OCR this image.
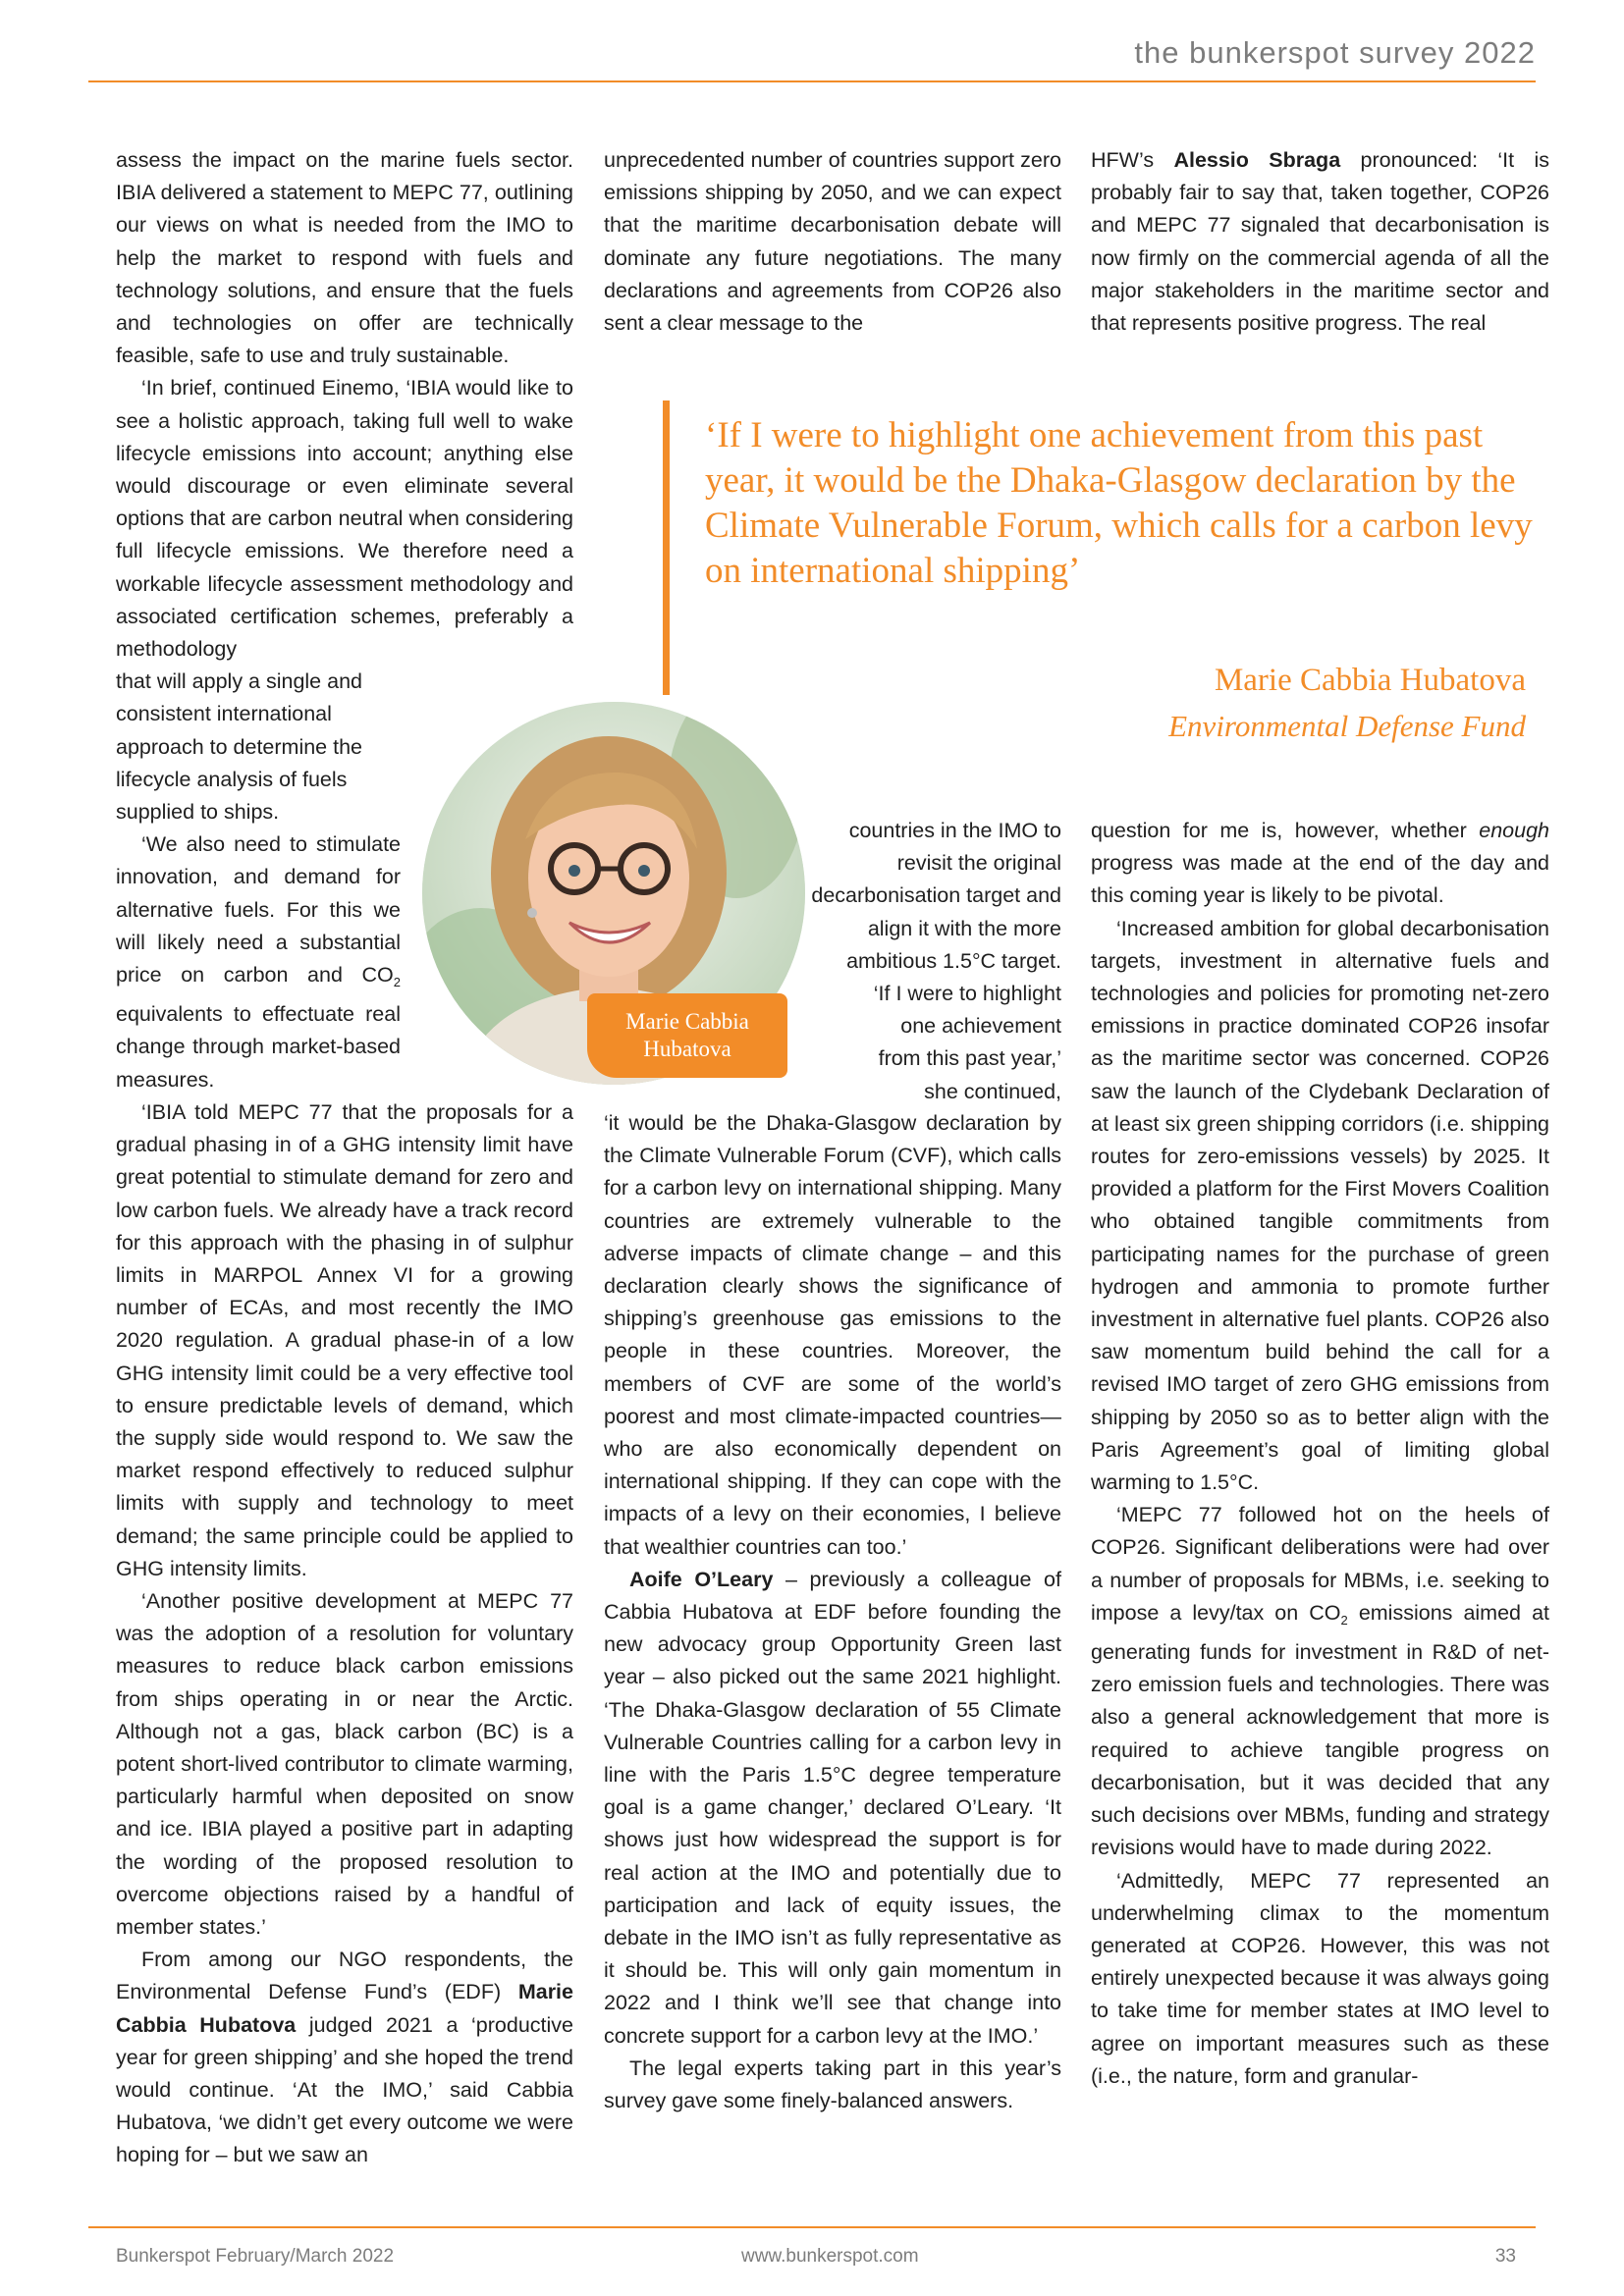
the bunkerspot survey 2022

assess the impact on the marine fuels sector. IBIA delivered a statement to MEPC 77, outlining our views on what is needed from the IMO to help the market to respond with fuels and technology solutions, and ensure that the fuels and technologies on offer are technically feasible, safe to use and truly sustainable.

‘In brief, continued Einemo, ‘IBIA would like to see a holistic approach, taking full well to wake lifecycle emissions into account; anything else would discourage or even eliminate several options that are carbon neutral when considering full lifecycle emissions. We therefore need a workable lifecycle assessment methodology and associated certification schemes, preferably a methodology

that will apply a single and consistent international approach to determine the lifecycle analysis of fuels supplied to ships.

‘We also need to stimulate innovation, and demand for alternative fuels. For this we will likely need a substantial price on carbon and $CO_2$ equivalents to effectuate real change through market-based measures.

‘IBIA told MEPC 77 that the proposals for a gradual phasing in of a GHG intensity limit have great potential to stimulate demand for zero and low carbon fuels. We already have a track record for this approach with the phasing in of sulphur limits in MARPOL Annex VI for a growing number of ECAs, and most recently the IMO 2020 regulation. A gradual phase-in of a low GHG intensity limit could be a very effective tool to ensure predictable levels of demand, which the supply side would respond to. We saw the market respond effectively to reduced sulphur limits with supply and technology to meet demand; the same principle could be applied to GHG intensity limits.

‘Another positive development at MEPC 77 was the adoption of a resolution for voluntary measures to reduce black carbon emissions from ships operating in or near the Arctic. Although not a gas, black carbon (BC) is a potent short-lived contributor to climate warming, particularly harmful when deposited on snow and ice. IBIA played a positive part in adapting the wording of the proposed resolution to overcome objections raised by a handful of member states.’

From among our NGO respondents, the Environmental Defense Fund’s (EDF) Marie Cabbia Hubatova judged 2021 a ‘productive year for green shipping’ and she hoped the trend would continue. ‘At the IMO,’ said Cabbia Hubatova, ‘we didn’t get every outcome we were hoping for – but we saw an

unprecedented number of countries support zero emissions shipping by 2050, and we can expect that the maritime decarbonisation debate will dominate any future negotiations. The many declarations and agreements from COP26 also sent a clear message to the

HFW’s Alessio Sbraga pronounced: ‘It is probably fair to say that, taken together, COP26 and MEPC 77 signaled that decarbonisation is now firmly on the commercial agenda of all the major stakeholders in the maritime sector and that represents positive progress. The real

‘If I were to highlight one achievement from this past year, it would be the Dhaka-Glasgow declaration by the Climate Vulnerable Forum, which calls for a carbon levy on international shipping’
Marie Cabbia Hubatova
Environmental Defense Fund
Marie Cabbia
Hubatova

countries in the IMO to revisit the original decarbonisation target and align it with the more ambitious 1.5°C target.

‘If I were to highlight one achievement from this past year,’ she continued,

‘it would be the Dhaka-Glasgow declaration by the Climate Vulnerable Forum (CVF), which calls for a carbon levy on international shipping. Many countries are extremely vulnerable to the adverse impacts of climate change – and this declaration clearly shows the significance of shipping’s greenhouse gas emissions to the people in these countries. Moreover, the members of CVF are some of the world’s poorest and most climate-impacted countries—who are also economically dependent on international shipping. If they can cope with the impacts of a levy on their economies, I believe that wealthier countries can too.’

Aoife O’Leary – previously a colleague of Cabbia Hubatova at EDF before founding the new advocacy group Opportunity Green last year – also picked out the same 2021 highlight. ‘The Dhaka-Glasgow declaration of 55 Climate Vulnerable Countries calling for a carbon levy in line with the Paris 1.5°C degree temperature goal is a game changer,’ declared O’Leary. ‘It shows just how widespread the support is for real action at the IMO and potentially due to participation and lack of equity issues, the debate in the IMO isn’t as fully representative as it should be. This will only gain momentum in 2022 and I think we’ll see that change into concrete support for a carbon levy at the IMO.’

The legal experts taking part in this year’s survey gave some finely-balanced answers.

question for me is, however, whether enough progress was made at the end of the day and this coming year is likely to be pivotal.

‘Increased ambition for global decarbonisation targets, investment in alternative fuels and technologies and policies for promoting net-zero emissions in practice dominated COP26 insofar as the maritime sector was concerned. COP26 saw the launch of the Clydebank Declaration of at least six green shipping corridors (i.e. shipping routes for zero-emissions vessels) by 2025. It provided a platform for the First Movers Coalition who obtained tangible commitments from participating names for the purchase of green hydrogen and ammonia to promote further investment in alternative fuel plants. COP26 also saw momentum build behind the call for a revised IMO target of zero GHG emissions from shipping by 2050 so as to better align with the Paris Agreement’s goal of limiting global warming to 1.5°C.

‘MEPC 77 followed hot on the heels of COP26. Significant deliberations were had over a number of proposals for MBMs, i.e. seeking to impose a levy/tax on $CO_2$ emissions aimed at generating funds for investment in R&D of net-zero emission fuels and technologies. There was also a general acknowledgement that more is required to achieve tangible progress on decarbonisation, but it was decided that any such decisions over MBMs, funding and strategy revisions would have to made during 2022.

‘Admittedly, MEPC 77 represented an underwhelming climax to the momentum generated at COP26. However, this was not entirely unexpected because it was always going to take time for member states at IMO level to agree on important measures such as these (i.e., the nature, form and granular-

Bunkerspot February/March 2022	www.bunkerspot.com	33
